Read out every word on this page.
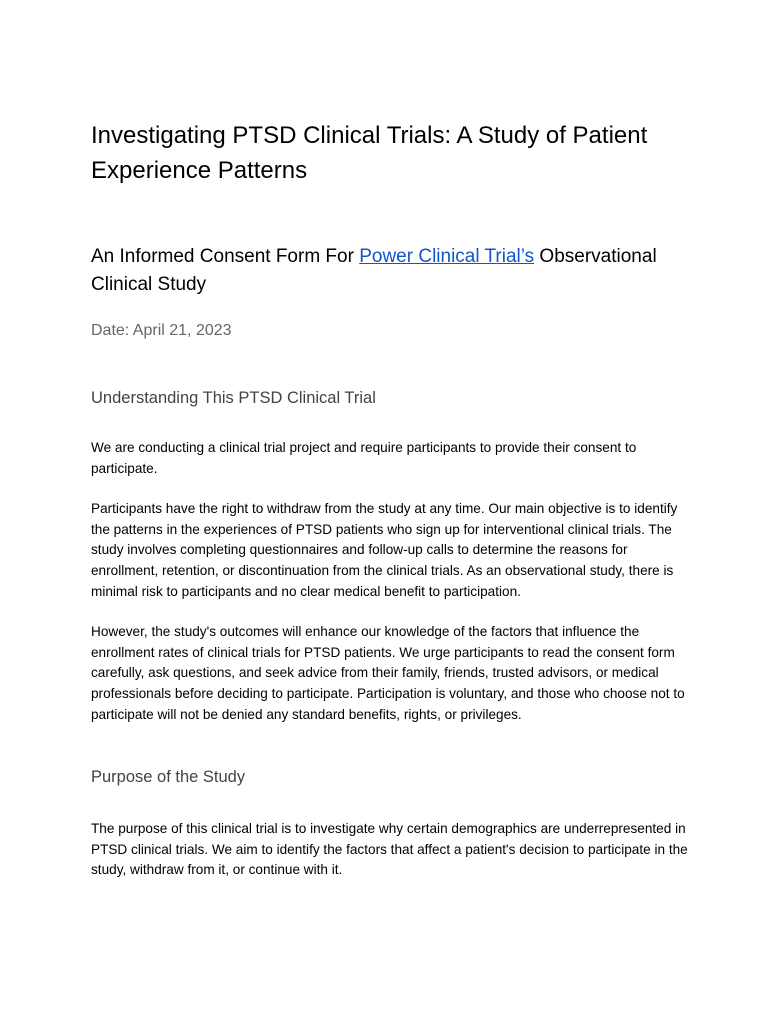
Investigating PTSD Clinical Trials: A Study of Patient Experience Patterns

An Informed Consent Form For Power Clinical Trial’s Observational Clinical Study

Date: April 21, 2023

Understanding This PTSD Clinical Trial

We are conducting a clinical trial project and require participants to provide their consent to participate.

Participants have the right to withdraw from the study at any time. Our main objective is to identify the patterns in the experiences of PTSD patients who sign up for interventional clinical trials. The study involves completing questionnaires and follow-up calls to determine the reasons for enrollment, retention, or discontinuation from the clinical trials. As an observational study, there is minimal risk to participants and no clear medical benefit to participation.

However, the study's outcomes will enhance our knowledge of the factors that influence the enrollment rates of clinical trials for PTSD patients. We urge participants to read the consent form carefully, ask questions, and seek advice from their family, friends, trusted advisors, or medical professionals before deciding to participate. Participation is voluntary, and those who choose not to participate will not be denied any standard benefits, rights, or privileges.

Purpose of the Study

The purpose of this clinical trial is to investigate why certain demographics are underrepresented in PTSD clinical trials. We aim to identify the factors that affect a patient's decision to participate in the study, withdraw from it, or continue with it.
